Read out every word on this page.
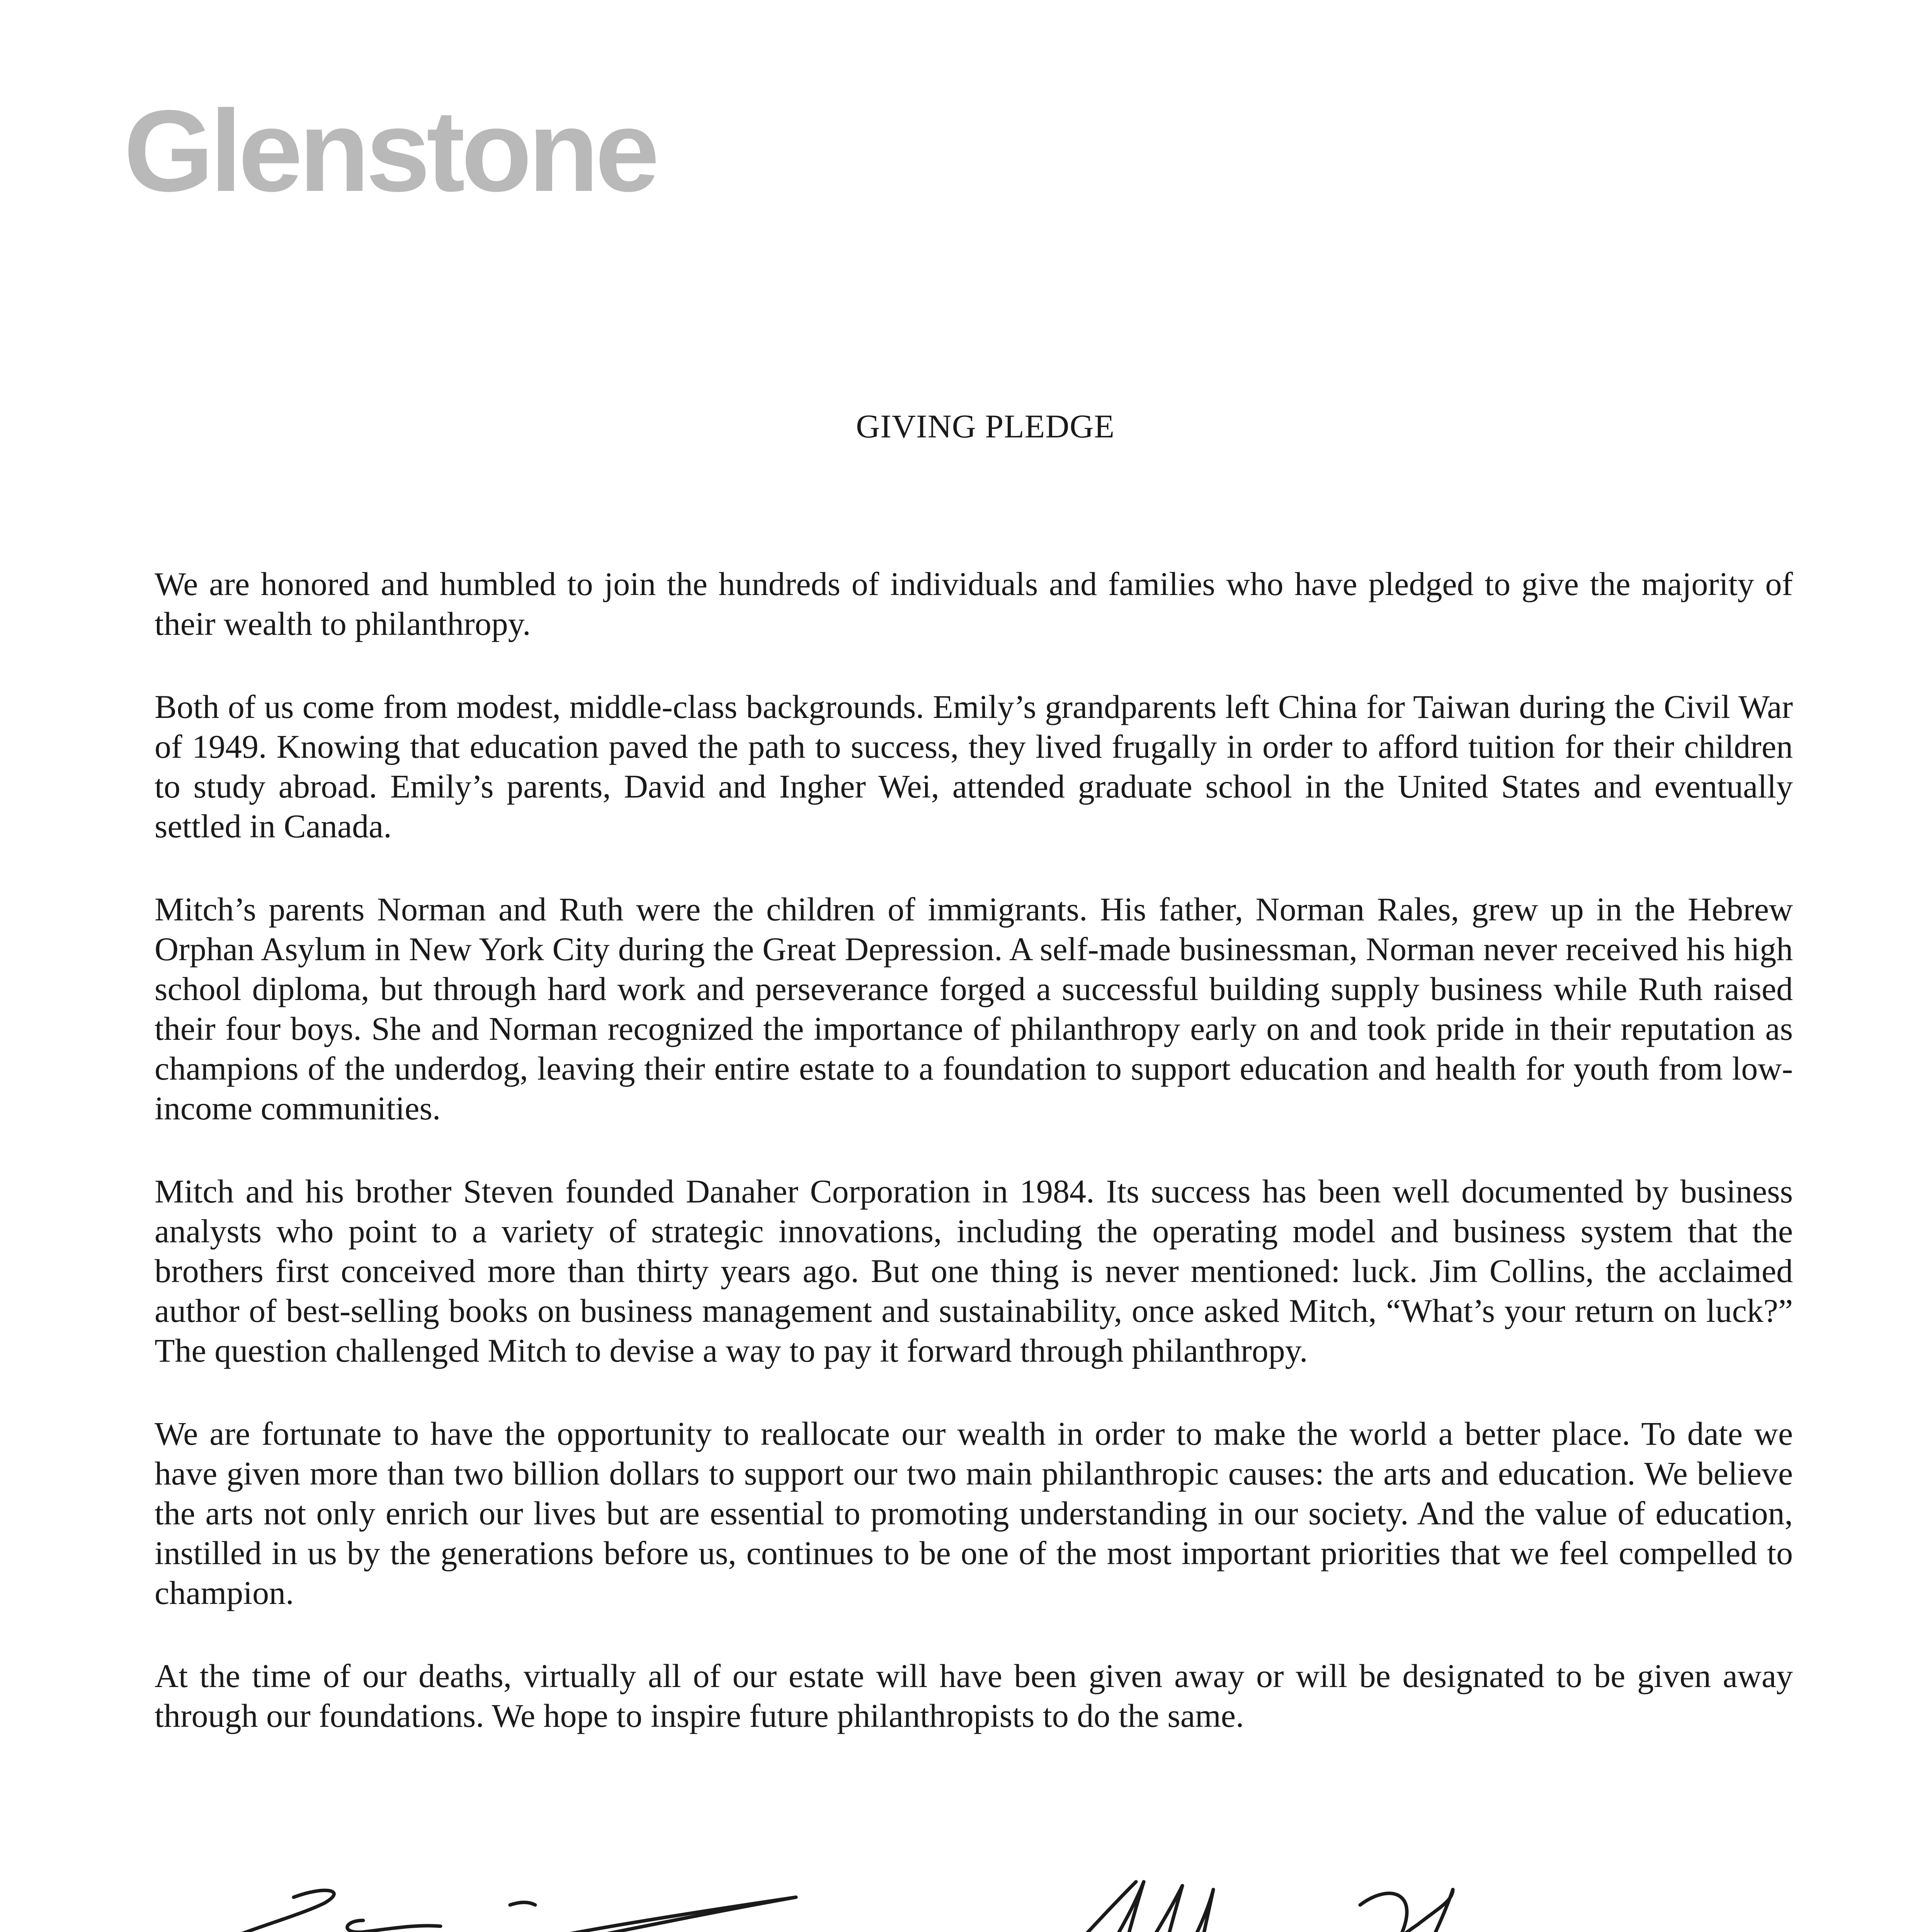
Glenstone
GIVING PLEDGE

We are honored and humbled to join the hundreds of individuals and families who have pledged to give the majority of their wealth to philanthropy.

Both of us come from modest, middle-class backgrounds. Emily’s grandparents left China for Taiwan during the Civil War of 1949. Knowing that education paved the path to success, they lived frugally in order to afford tuition for their children to study abroad. Emily’s parents, David and Ingher Wei, attended graduate school in the United States and eventually settled in Canada.

Mitch’s parents Norman and Ruth were the children of immigrants. His father, Norman Rales, grew up in the Hebrew Orphan Asylum in New York City during the Great Depression. A self-made businessman, Norman never received his high school diploma, but through hard work and perseverance forged a successful building supply business while Ruth raised their four boys. She and Norman recognized the importance of philanthropy early on and took pride in their reputation as champions of the underdog, leaving their entire estate to a foundation to support education and health for youth from low-income communities.

Mitch and his brother Steven founded Danaher Corporation in 1984. Its success has been well documented by business analysts who point to a variety of strategic innovations, including the operating model and business system that the brothers first conceived more than thirty years ago. But one thing is never mentioned: luck. Jim Collins, the acclaimed author of best-selling books on business management and sustainability, once asked Mitch, “What’s your return on luck?” The question challenged Mitch to devise a way to pay it forward through philanthropy.

We are fortunate to have the opportunity to reallocate our wealth in order to make the world a better place. To date we have given more than two billion dollars to support our two main philanthropic causes: the arts and education. We believe the arts not only enrich our lives but are essential to promoting understanding in our society. And the value of education, instilled in us by the generations before us, continues to be one of the most important priorities that we feel compelled to champion.

At the time of our deaths, virtually all of our estate will have been given away or will be designated to be given away through our foundations. We hope to inspire future philanthropists to do the same.
